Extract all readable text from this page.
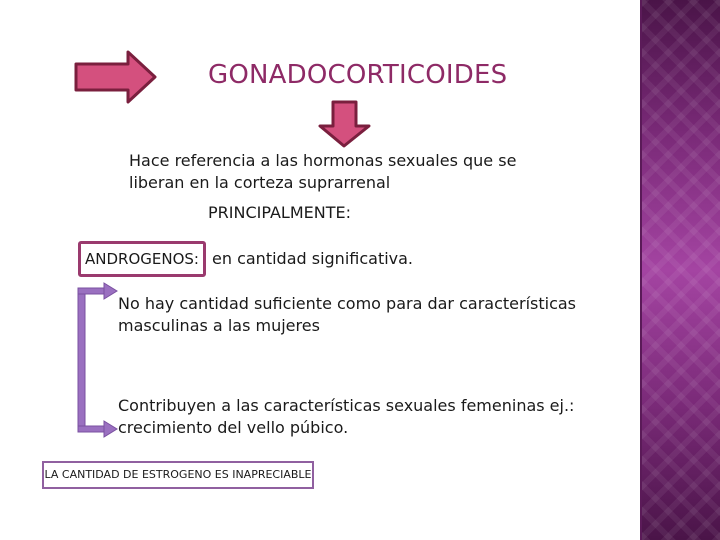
GONADOCORTICOIDES
Hace referencia a las hormonas sexuales que se
liberan en la corteza suprarrenal
PRINCIPALMENTE:
ANDROGENOS: en cantidad significativa.
No hay cantidad suficiente como para dar características
masculinas a las mujeres
Contribuyen a las características sexuales femeninas ej.:
crecimiento del vello púbico.
LA CANTIDAD DE ESTROGENO ES INAPRECIABLE
